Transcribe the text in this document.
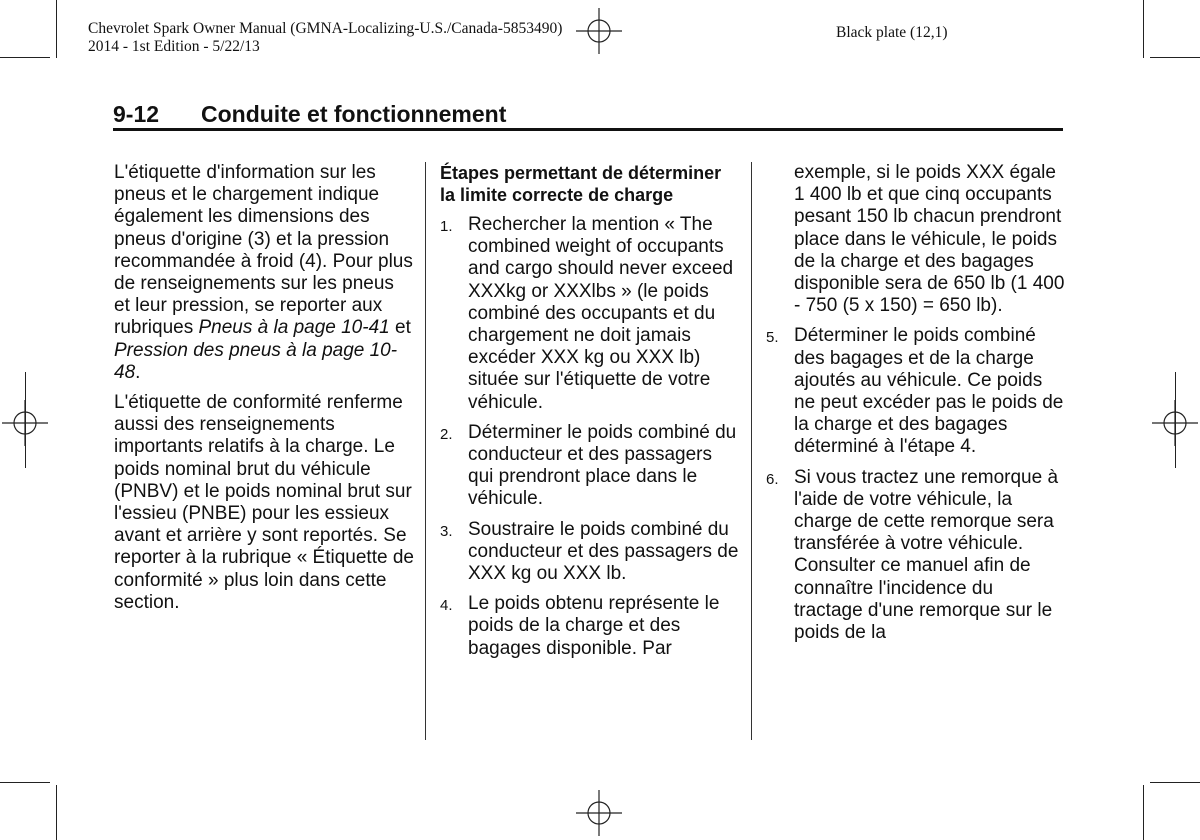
Chevrolet Spark Owner Manual (GMNA-Localizing-U.S./Canada-5853490)
2014 - 1st Edition - 5/22/13
Black plate (12,1)
9-12 Conduite et fonctionnement

L'étiquette d'information sur les pneus et le chargement indique également les dimensions des pneus d'origine (3) et la pression recommandée à froid (4). Pour plus de renseignements sur les pneus et leur pression, se reporter aux rubriques Pneus à la page 10-41 et Pression des pneus à la page 10-48.

L'étiquette de conformité renferme aussi des renseignements importants relatifs à la charge. Le poids nominal brut du véhicule (PNBV) et le poids nominal brut sur l'essieu (PNBE) pour les essieux avant et arrière y sont reportés. Se reporter à la rubrique « Étiquette de conformité » plus loin dans cette section.

Étapes permettant de déterminer la limite correcte de charge
1. Rechercher la mention « The combined weight of occupants and cargo should never exceed XXXkg or XXXlbs » (le poids combiné des occupants et du chargement ne doit jamais excéder XXX kg ou XXX lb) située sur l'étiquette de votre véhicule.
2. Déterminer le poids combiné du conducteur et des passagers qui prendront place dans le véhicule.
3. Soustraire le poids combiné du conducteur et des passagers de XXX kg ou XXX lb.
4. Le poids obtenu représente le poids de la charge et des bagages disponible. Par
exemple, si le poids XXX égale 1 400 lb et que cinq occupants pesant 150 lb chacun prendront place dans le véhicule, le poids de la charge et des bagages disponible sera de 650 lb (1 400 - 750 (5 x 150) = 650 lb).
5. Déterminer le poids combiné des bagages et de la charge ajoutés au véhicule. Ce poids ne peut excéder pas le poids de la charge et des bagages déterminé à l'étape 4.
6. Si vous tractez une remorque à l'aide de votre véhicule, la charge de cette remorque sera transférée à votre véhicule. Consulter ce manuel afin de connaître l'incidence du tractage d'une remorque sur le poids de la
